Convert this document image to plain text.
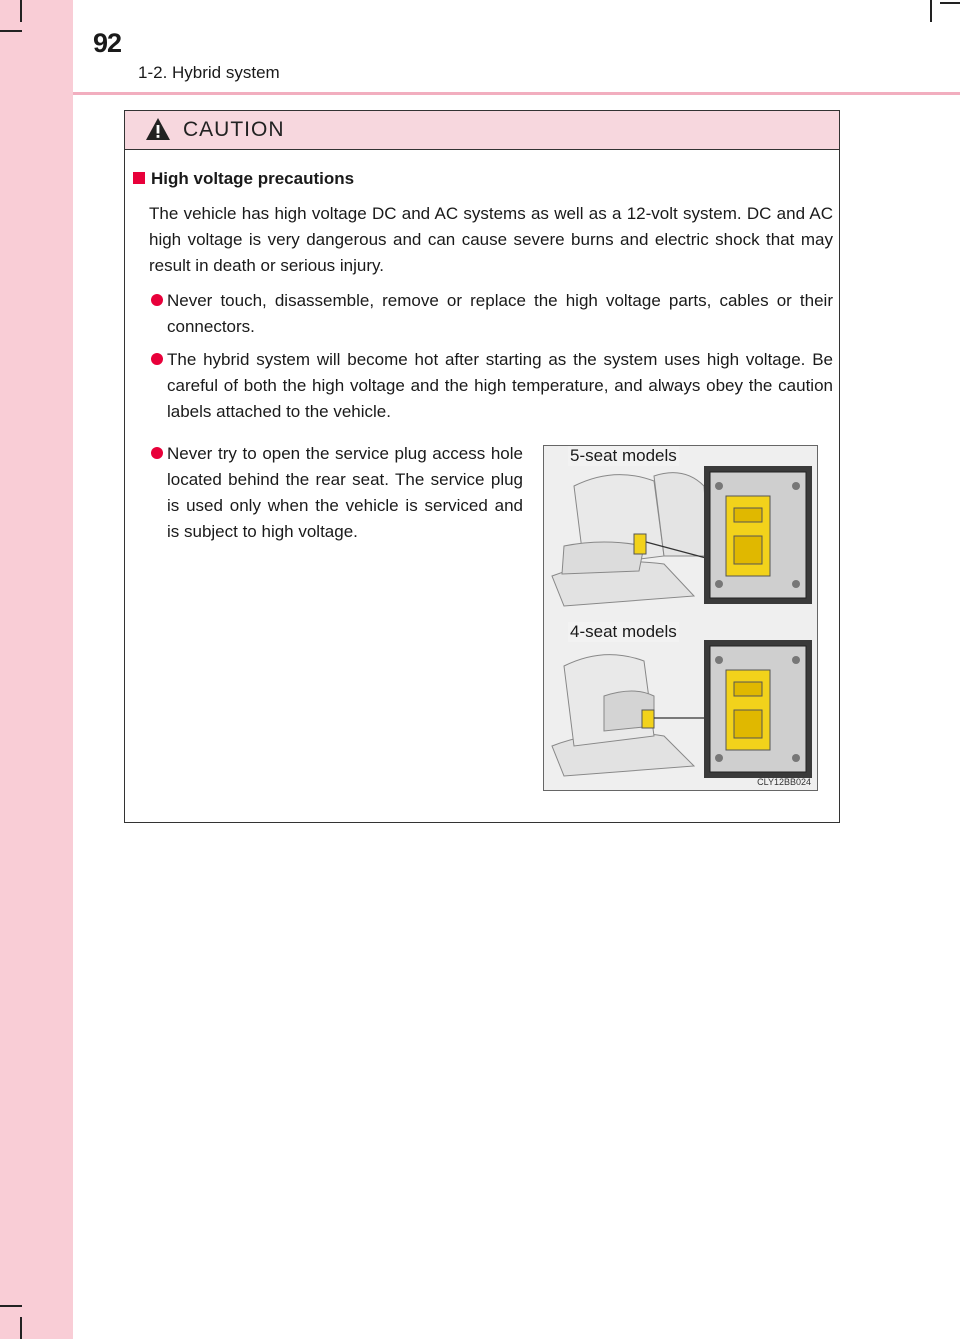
92
1-2. Hybrid system
CAUTION
High voltage precautions
The vehicle has high voltage DC and AC systems as well as a 12-volt system. DC and AC high voltage is very dangerous and can cause severe burns and electric shock that may result in death or serious injury.
Never touch, disassemble, remove or replace the high voltage parts, cables or their connectors.
The hybrid system will become hot after starting as the system uses high voltage. Be careful of both the high voltage and the high temperature, and always obey the caution labels attached to the vehicle.
Never try to open the service plug access hole located behind the rear seat. The service plug is used only when the vehicle is serviced and is subject to high voltage.
5-seat models
4-seat models
CLY12BB024
